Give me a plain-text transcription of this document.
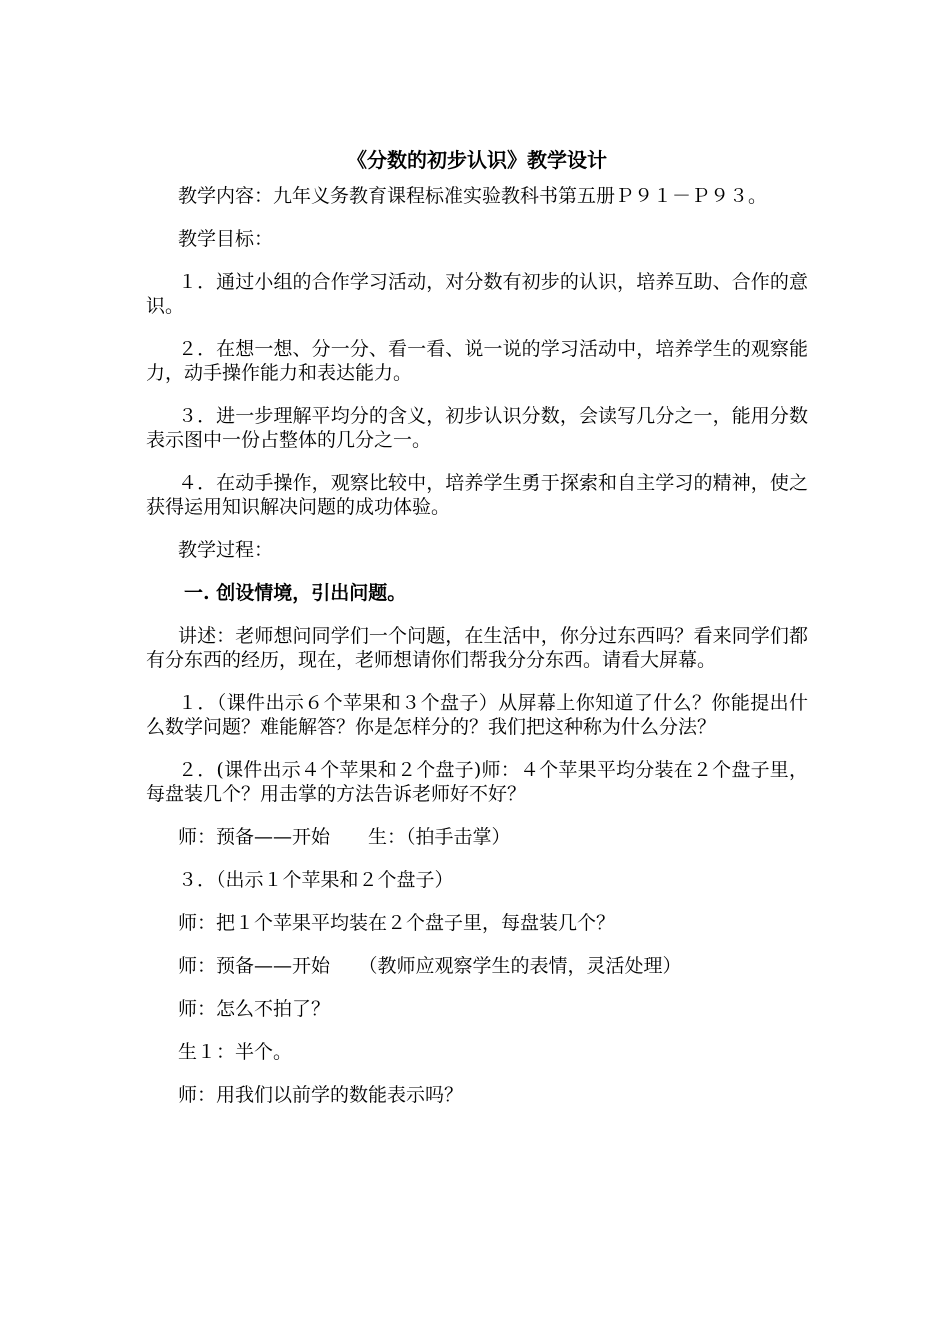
《分数的初步认识》教学设计

教学内容：九年义务教育课程标准实验教科书第五册Ｐ９１－Ｐ９３。

教学目标：

１．通过小组的合作学习活动，对分数有初步的认识，培养互助、合作的意识。

２．在想一想、分一分、看一看、说一说的学习活动中，培养学生的观察能力，动手操作能力和表达能力。

３．进一步理解平均分的含义，初步认识分数，会读写几分之一，能用分数表示图中一份占整体的几分之一。

４．在动手操作，观察比较中，培养学生勇于探索和自主学习的精神，使之获得运用知识解决问题的成功体验。

教学过程：

一. 创设情境，引出问题。

讲述：老师想问同学们一个问题，在生活中，你分过东西吗？看来同学们都有分东西的经历，现在，老师想请你们帮我分分东西。请看大屏幕。

１．（课件出示６个苹果和３个盘子）从屏幕上你知道了什么？你能提出什么数学问题？难能解答？你是怎样分的？我们把这种称为什么分法？

２．(课件出示４个苹果和２个盘子)师：４个苹果平均分装在２个盘子里，每盘装几个？用击掌的方法告诉老师好不好？

师：预备——开始　　生：（拍手击掌）

３．（出示１个苹果和２个盘子）

师：把１个苹果平均装在２个盘子里，每盘装几个？

师：预备——开始　　（教师应观察学生的表情，灵活处理）

师：怎么不拍了？

生１：半个。

师：用我们以前学的数能表示吗？
